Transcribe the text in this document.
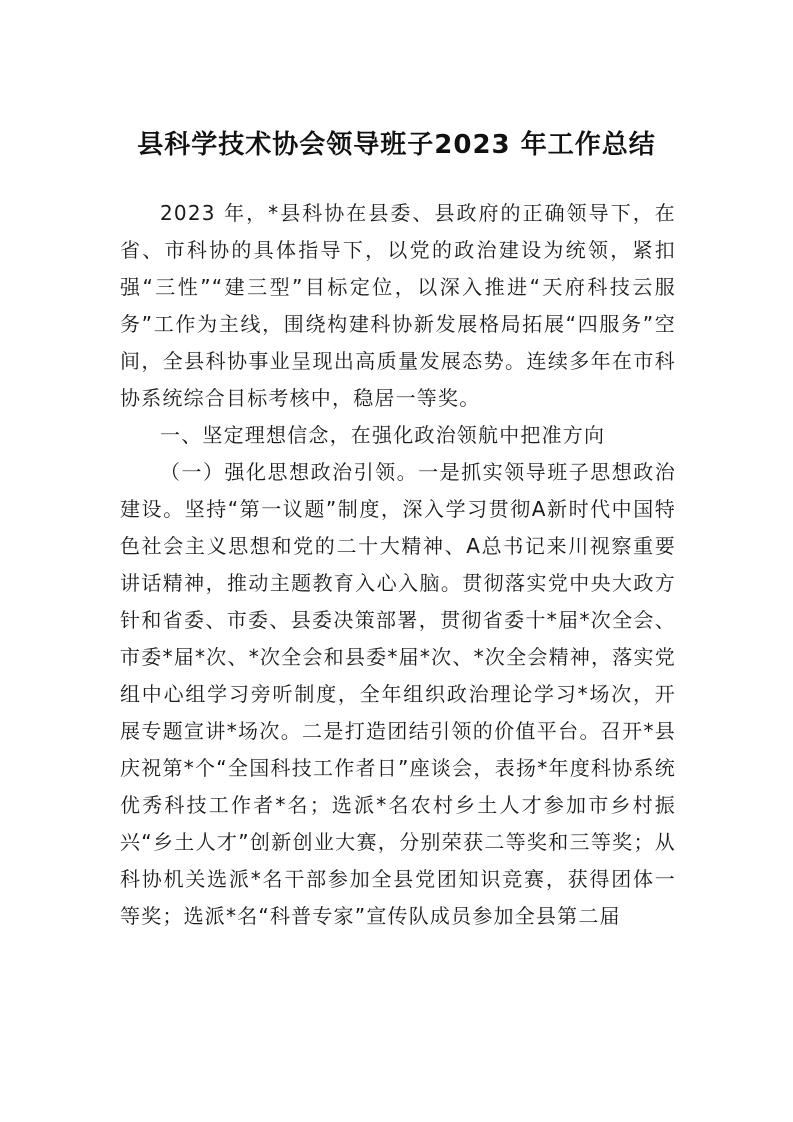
县科学技术协会领导班子2023 年工作总结

2023 年，*县科协在县委、县政府的正确领导下，在省、市科协的具体指导下，以党的政治建设为统领，紧扣强“三性”“建三型”目标定位，以深入推进“天府科技云服务”工作为主线，围绕构建科协新发展格局拓展“四服务”空间，全县科协事业呈现出高质量发展态势。连续多年在市科协系统综合目标考核中，稳居一等奖。

一、坚定理想信念，在强化政治领航中把准方向

（一）强化思想政治引领。一是抓实领导班子思想政治建设。坚持“第一议题”制度，深入学习贯彻A新时代中国特色社会主义思想和党的二十大精神、A总书记来川视察重要讲话精神，推动主题教育入心入脑。贯彻落实党中央大政方针和省委、市委、县委决策部署，贯彻省委十*届*次全会、市委*届*次、*次全会和县委*届*次、*次全会精神，落实党组中心组学习旁听制度，全年组织政治理论学习*场次，开展专题宣讲*场次。二是打造团结引领的价值平台。召开*县庆祝第*个“全国科技工作者日”座谈会，表扬*年度科协系统优秀科技工作者*名；选派*名农村乡土人才参加市乡村振兴“乡土人才”创新创业大赛，分别荣获二等奖和三等奖；从科协机关选派*名干部参加全县党团知识竞赛，获得团体一等奖；选派*名“科普专家”宣传队成员参加全县第二届
